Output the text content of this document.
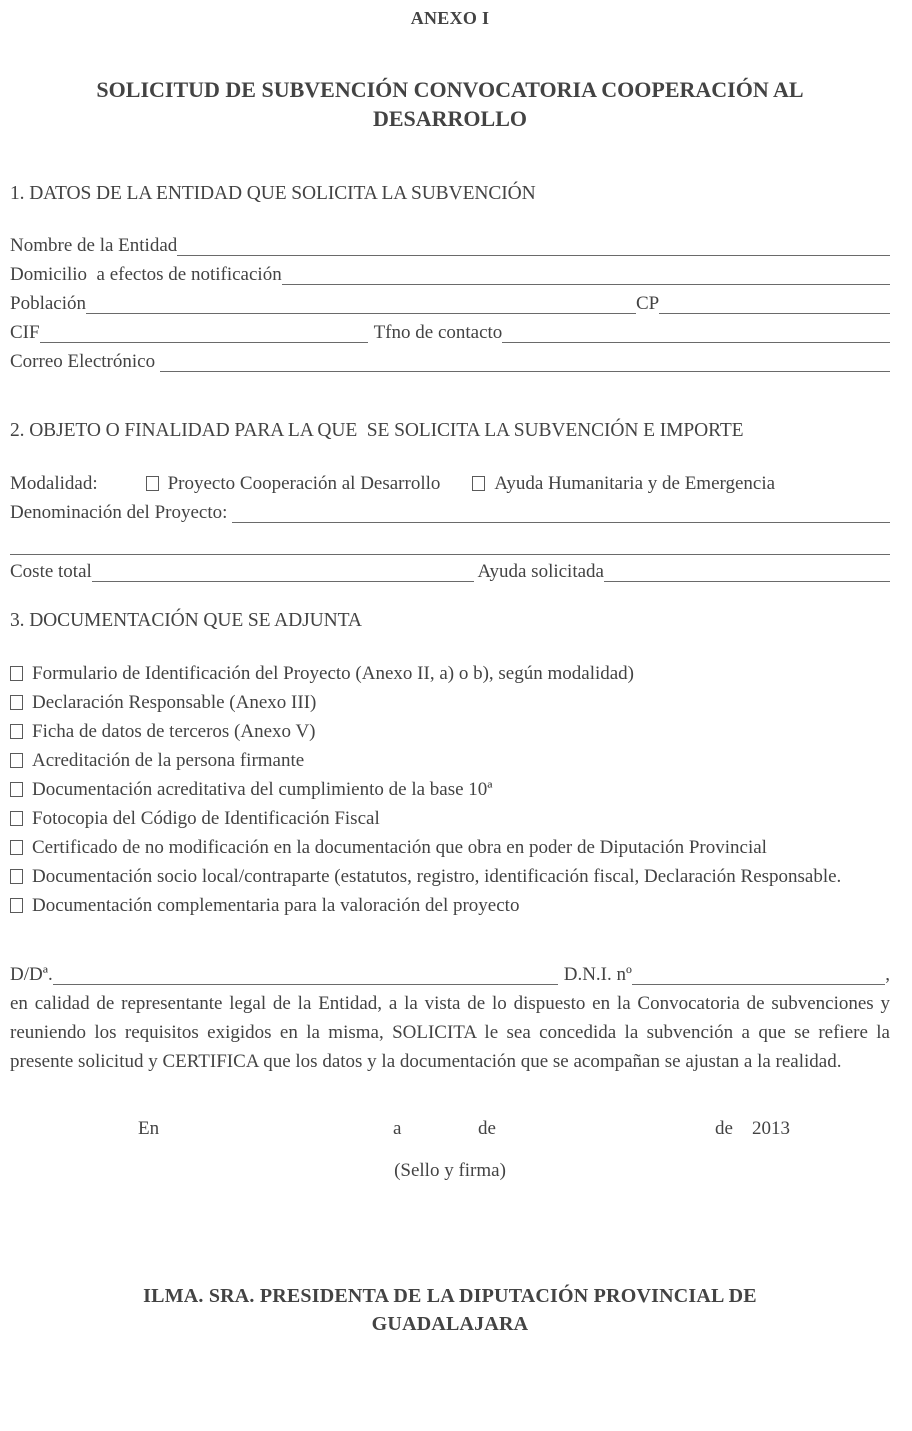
ANEXO I
SOLICITUD DE SUBVENCIÓN CONVOCATORIA COOPERACIÓN AL
DESARROLLO
1. DATOS DE LA ENTIDAD QUE SOLICITA LA SUBVENCIÓN
Nombre de la Entidad
Domicilio  a efectos de notificación
Población	CP
CIF	Tfno de contacto
Correo Electrónico
2. OBJETO O FINALIDAD PARA LA QUE  SE SOLICITA LA SUBVENCIÓN E IMPORTE
Modalidad:	Proyecto Cooperación al Desarrollo	Ayuda Humanitaria y de Emergencia
Denominación del Proyecto:
Coste total	Ayuda solicitada
3. DOCUMENTACIÓN QUE SE ADJUNTA
Formulario de Identificación del Proyecto (Anexo II, a) o b), según modalidad)
Declaración Responsable (Anexo III)
Ficha de datos de terceros (Anexo V)
Acreditación de la persona firmante
Documentación acreditativa del cumplimiento de la base 10ª
Fotocopia del Código de Identificación Fiscal
Certificado de no modificación en la documentación que obra en poder de Diputación Provincial
Documentación socio local/contraparte (estatutos, registro, identificación fiscal, Declaración Responsable.
Documentación complementaria para la valoración del proyecto
D/Dª.	D.N.I. nº	,
en calidad de representante legal de la Entidad, a la vista de lo dispuesto en la Convocatoria de subvenciones y reuniendo los requisitos exigidos en la misma, SOLICITA le sea concedida la subvención a que se refiere la presente solicitud y CERTIFICA que los datos y la documentación que se acompañan se ajustan a la realidad.
En	a	de	de 2013
(Sello y firma)
ILMA. SRA. PRESIDENTA DE LA DIPUTACIÓN PROVINCIAL DE
GUADALAJARA
